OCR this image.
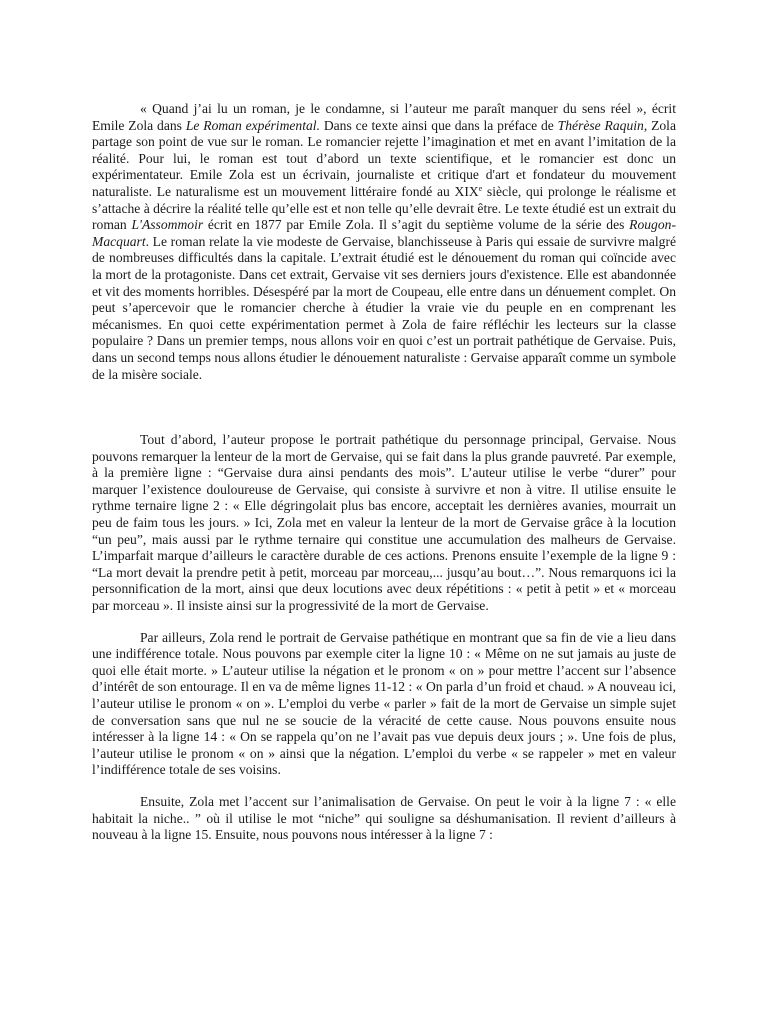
« Quand j’ai lu un roman, je le condamne, si l’auteur me paraît manquer du sens réel », écrit Emile Zola dans Le Roman expérimental. Dans ce texte ainsi que dans la préface de Thérèse Raquin, Zola partage son point de vue sur le roman. Le romancier rejette l’imagination et met en avant l’imitation de la réalité. Pour lui, le roman est tout d’abord un texte scientifique, et le romancier est donc un expérimentateur. Emile Zola est un écrivain, journaliste et critique d'art et fondateur du mouvement naturaliste. Le naturalisme est un mouvement littéraire fondé au XIXe siècle, qui prolonge le réalisme et s’attache à décrire la réalité telle qu’elle est et non telle qu’elle devrait être. Le texte étudié est un extrait du roman L'Assommoir écrit en 1877 par Emile Zola. Il s’agit du septième volume de la série des Rougon-Macquart. Le roman relate la vie modeste de Gervaise, blanchisseuse à Paris qui essaie de survivre malgré de nombreuses difficultés dans la capitale. L’extrait étudié est le dénouement du roman qui coïncide avec la mort de la protagoniste. Dans cet extrait, Gervaise vit ses derniers jours d'existence. Elle est abandonnée et vit des moments horribles. Désespéré par la mort de Coupeau, elle entre dans un dénuement complet. On peut s’apercevoir que le romancier cherche à étudier la vraie vie du peuple en en comprenant les mécanismes. En quoi cette expérimentation permet à Zola de faire réfléchir les lecteurs sur la classe populaire ? Dans un premier temps, nous allons voir en quoi c’est un portrait pathétique de Gervaise. Puis, dans un second temps nous allons étudier le dénouement naturaliste : Gervaise apparaît comme un symbole de la misère sociale.

Tout d’abord, l’auteur propose le portrait pathétique du personnage principal, Gervaise. Nous pouvons remarquer la lenteur de la mort de Gervaise, qui se fait dans la plus grande pauvreté. Par exemple, à la première ligne : “Gervaise dura ainsi pendants des mois”. L’auteur utilise le verbe “durer” pour marquer l’existence douloureuse de Gervaise, qui consiste à survivre et non à vitre. Il utilise ensuite le rythme ternaire ligne 2 : « Elle dégringolait plus bas encore, acceptait les dernières avanies, mourrait un peu de faim tous les jours. » Ici, Zola met en valeur la lenteur de la mort de Gervaise grâce à la locution “un peu”, mais aussi par le rythme ternaire qui constitue une accumulation des malheurs de Gervaise. L’imparfait marque d’ailleurs le caractère durable de ces actions. Prenons ensuite l’exemple de la ligne 9 : “La mort devait la prendre petit à petit, morceau par morceau,... jusqu’au bout…”. Nous remarquons ici la personnification de la mort, ainsi que deux locutions avec deux répétitions : « petit à petit » et « morceau par morceau ». Il insiste ainsi sur la progressivité de la mort de Gervaise.

Par ailleurs, Zola rend le portrait de Gervaise pathétique en montrant que sa fin de vie a lieu dans une indifférence totale. Nous pouvons par exemple citer la ligne 10 : « Même on ne sut jamais au juste de quoi elle était morte. » L’auteur utilise la négation et le pronom « on » pour mettre l’accent sur l’absence d’intérêt de son entourage. Il en va de même lignes 11-12 : « On parla d’un froid et chaud. » A nouveau ici, l’auteur utilise le pronom « on ». L’emploi du verbe « parler » fait de la mort de Gervaise un simple sujet de conversation sans que nul ne se soucie de la véracité de cette cause. Nous pouvons ensuite nous intéresser à la ligne 14 : « On se rappela qu’on ne l’avait pas vue depuis deux jours ; ». Une fois de plus, l’auteur utilise le pronom « on » ainsi que la négation. L’emploi du verbe « se rappeler » met en valeur l’indifférence totale de ses voisins.

Ensuite, Zola met l’accent sur l’animalisation de Gervaise. On peut le voir à la ligne 7 : « elle habitait la niche.. ” où il utilise le mot “niche” qui souligne sa déshumanisation. Il revient d’ailleurs à nouveau à la ligne 15. Ensuite, nous pouvons nous intéresser à la ligne 7 :
